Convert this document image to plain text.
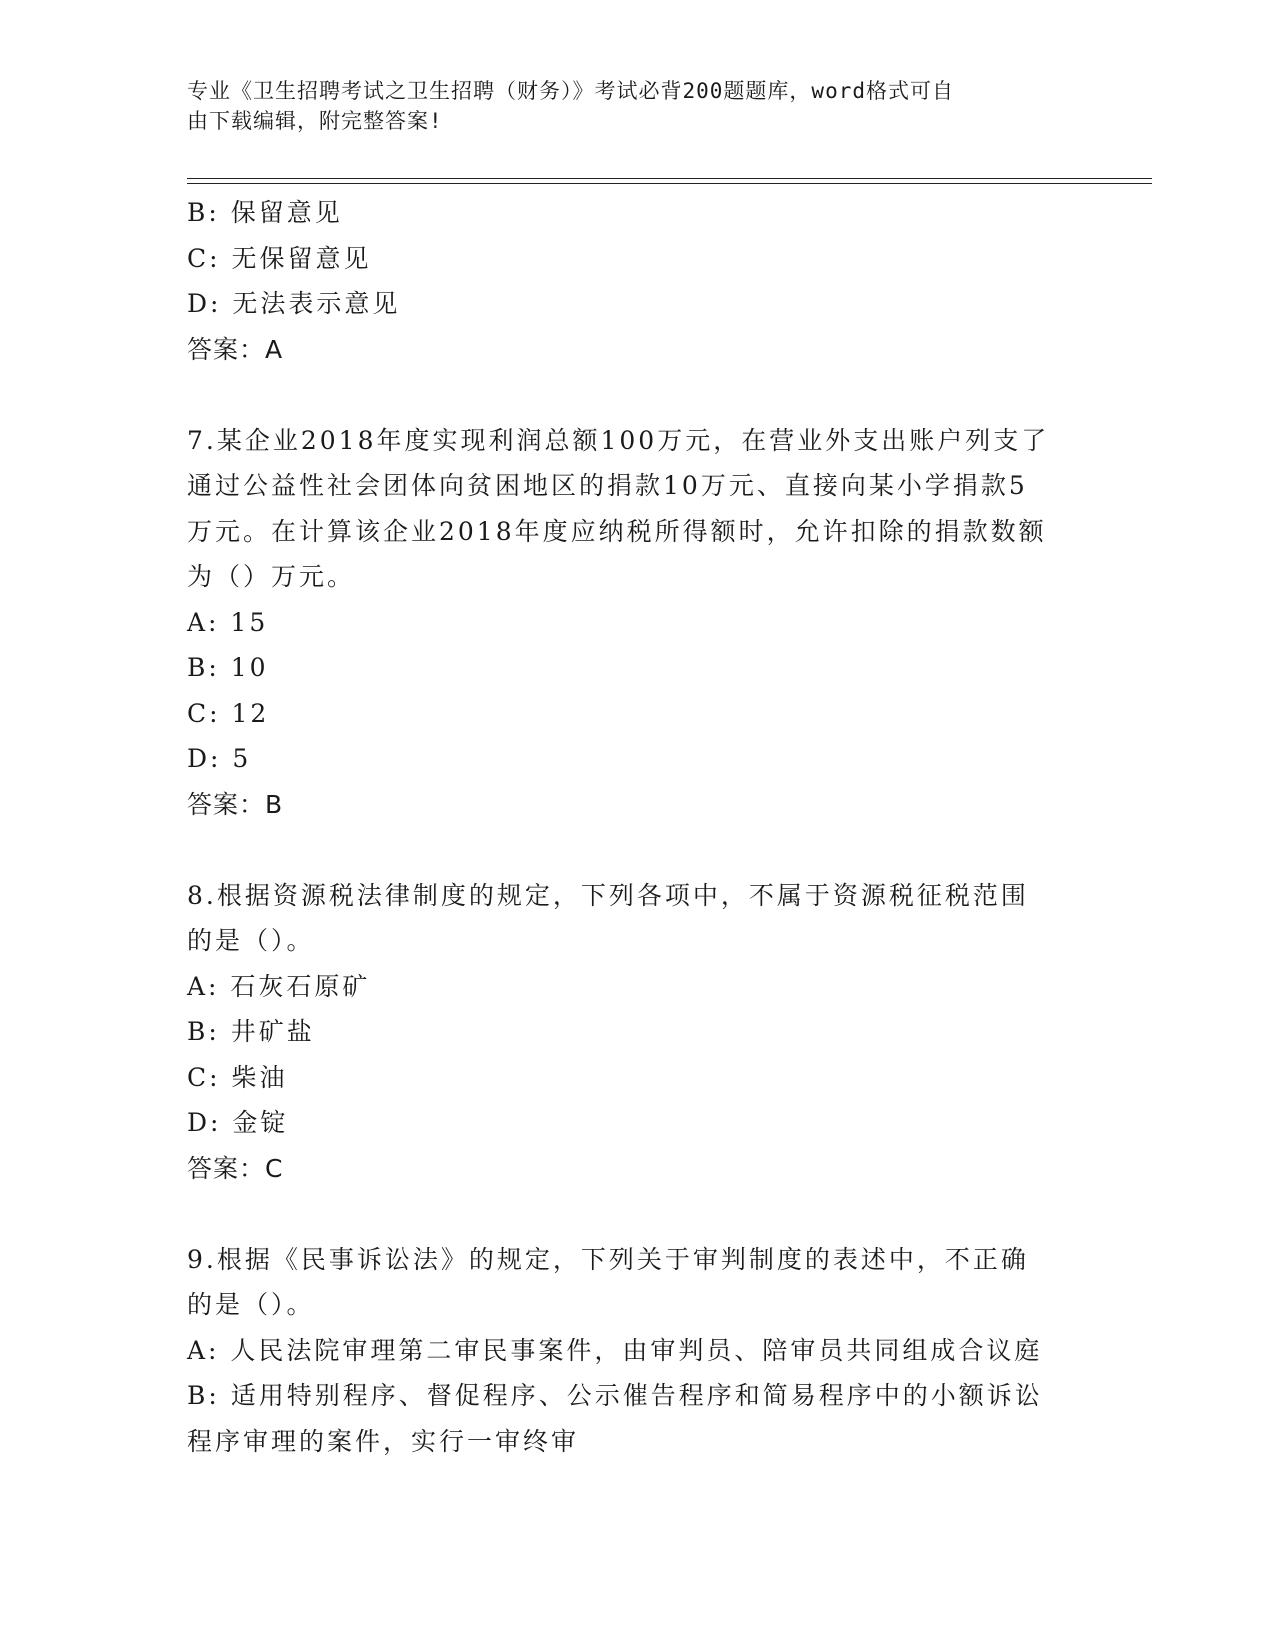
专业《卫生招聘考试之卫生招聘（财务）》考试必背200题题库，word格式可自
由下载编辑，附完整答案!
B: 保留意见
C: 无保留意见
D: 无法表示意见
答案：A
7.某企业2018年度实现利润总额100万元，在营业外支出账户列支了
通过公益性社会团体向贫困地区的捐款10万元、直接向某小学捐款5
万元。在计算该企业2018年度应纳税所得额时，允许扣除的捐款数额
为（）万元。
A: 15
B: 10
C: 12
D: 5
答案：B
8.根据资源税法律制度的规定，下列各项中，不属于资源税征税范围
的是（）。
A: 石灰石原矿
B: 井矿盐
C: 柴油
D: 金锭
答案：C
9.根据《民事诉讼法》的规定，下列关于审判制度的表述中，不正确
的是（）。
A: 人民法院审理第二审民事案件，由审判员、陪审员共同组成合议庭
B: 适用特别程序、督促程序、公示催告程序和简易程序中的小额诉讼
程序审理的案件，实行一审终审
